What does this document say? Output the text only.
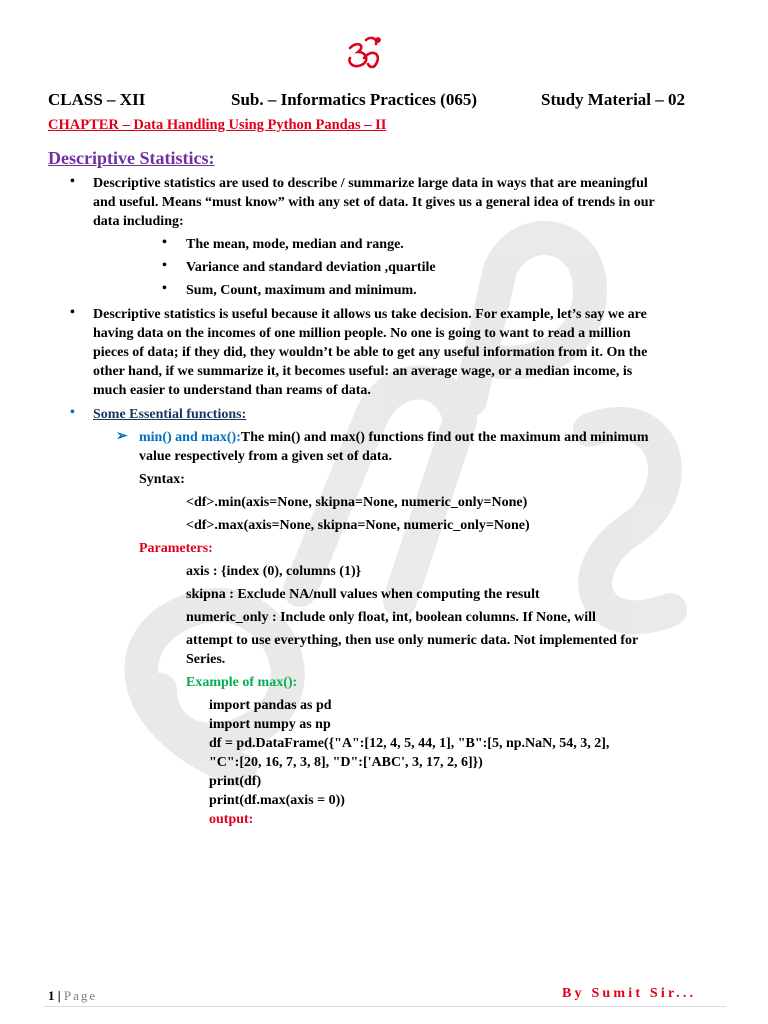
CLASS – XII	Sub. – Informatics Practices (065)	Study Material – 02
CHAPTER – Data Handling Using Python Pandas – II
Descriptive Statistics:
• Descriptive statistics are used to describe / summarize large data in ways that are meaningful
and useful. Means “must know” with any set of data. It gives us a general idea of trends in our
data including:
• The mean, mode, median and range.
• Variance and standard deviation ,quartile
• Sum, Count, maximum and minimum.
• Descriptive statistics is useful because it allows us take decision. For example, let’s say we are
having data on the incomes of one million people. No one is going to want to read a million
pieces of data; if they did, they wouldn’t be able to get any useful information from it. On the
other hand, if we summarize it, it becomes useful: an average wage, or a median income, is
much easier to understand than reams of data.
• Some Essential functions:
➢ min() and max():The min() and max() functions find out the maximum and minimum
value respectively from a given set of data.
Syntax:
<df>.min(axis=None, skipna=None, numeric_only=None)
<df>.max(axis=None, skipna=None, numeric_only=None)
Parameters:
axis : {index (0), columns (1)}
skipna : Exclude NA/null values when computing the result
numeric_only : Include only float, int, boolean columns. If None, will
attempt to use everything, then use only numeric data. Not implemented for
Series.
Example of max():
import pandas as pd
import numpy as np
df = pd.DataFrame({"A":[12, 4, 5, 44, 1], "B":[5, np.NaN, 54, 3, 2],
"C":[20, 16, 7, 3, 8], "D":['ABC', 3, 17, 2, 6]})
print(df)
print(df.max(axis = 0))
output:
1 | Page	By Sumit Sir...
